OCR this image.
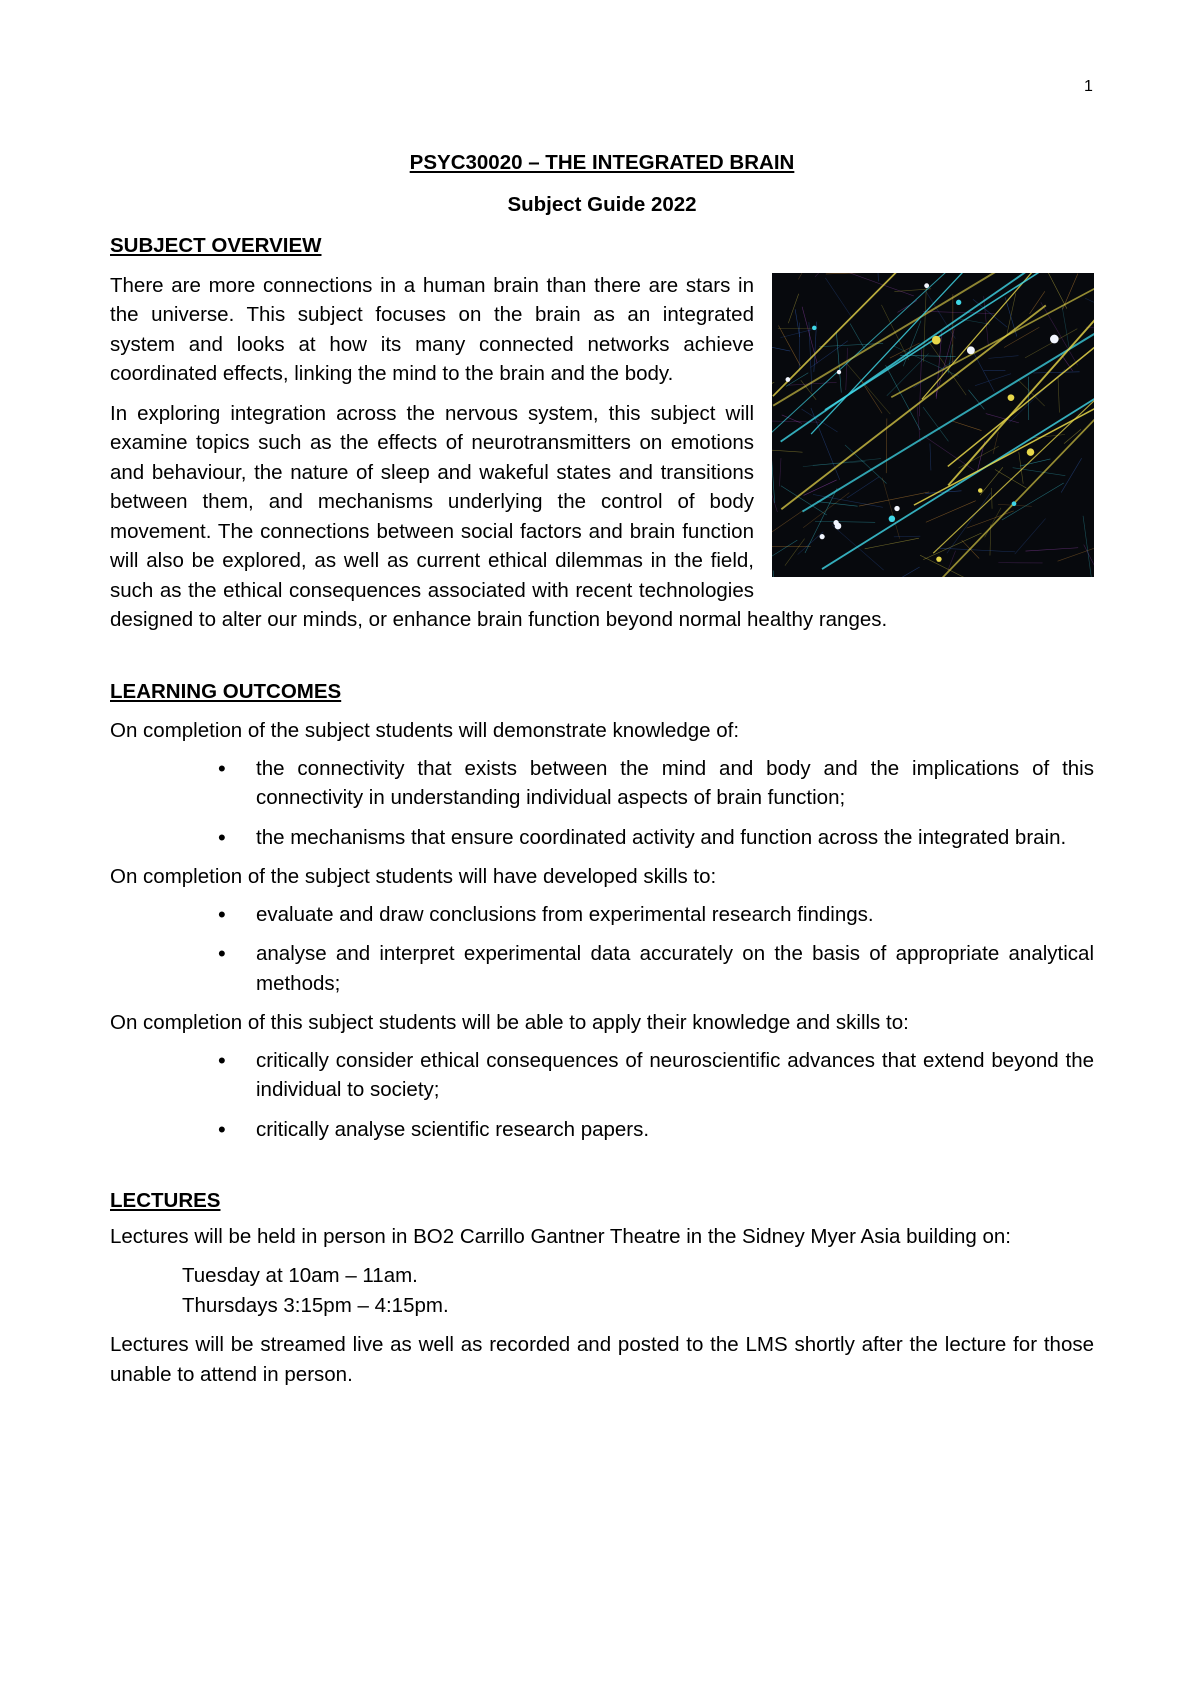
1
PSYC30020 – THE INTEGRATED BRAIN
Subject Guide 2022
SUBJECT OVERVIEW

There are more connections in a human brain than there are stars in the universe. This subject focuses on the brain as an integrated system and looks at how its many connected networks achieve coordinated effects, linking the mind to the brain and the body.

In exploring integration across the nervous system, this subject will examine topics such as the effects of neurotransmitters on emotions and behaviour, the nature of sleep and wakeful states and transitions between them, and mechanisms underlying the control of body movement. The connections between social factors and brain function will also be explored, as well as current ethical dilemmas in the field, such as the ethical consequences associated with recent technologies designed to alter our minds, or enhance brain function beyond normal healthy ranges.

LEARNING OUTCOMES

On completion of the subject students will demonstrate knowledge of:

• the connectivity that exists between the mind and body and the implications of this connectivity in understanding individual aspects of brain function;
• the mechanisms that ensure coordinated activity and function across the integrated brain.

On completion of the subject students will have developed skills to:

• evaluate and draw conclusions from experimental research findings.
• analyse and interpret experimental data accurately on the basis of appropriate analytical methods;

On completion of this subject students will be able to apply their knowledge and skills to:

• critically consider ethical consequences of neuroscientific advances that extend beyond the individual to society;
• critically analyse scientific research papers.
LECTURES

Lectures will be held in person in BO2 Carrillo Gantner Theatre in the Sidney Myer Asia building on:

Tuesday at 10am – 11am.
Thursdays 3:15pm – 4:15pm.

Lectures will be streamed live as well as recorded and posted to the LMS shortly after the lecture for those unable to attend in person.
